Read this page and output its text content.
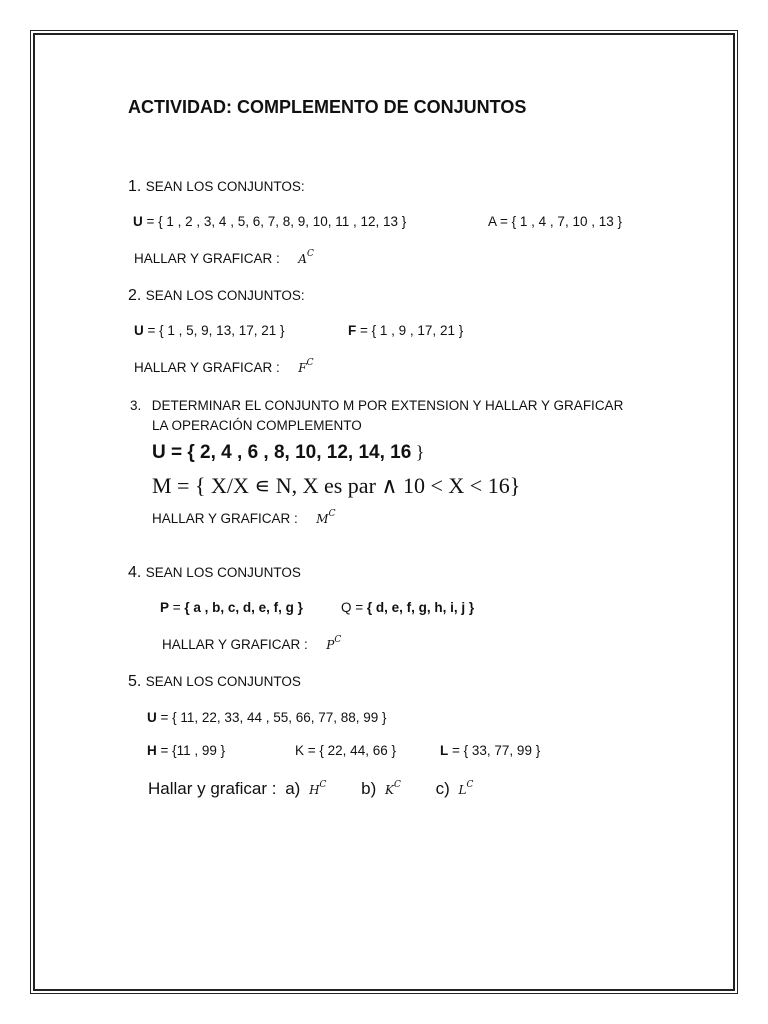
ACTIVIDAD: COMPLEMENTO DE CONJUNTOS
1. SEAN LOS CONJUNTOS:
U = { 1 , 2 , 3, 4 , 5, 6, 7, 8, 9, 10, 11 , 12, 13 }	A = { 1 , 4 , 7, 10 , 13 }
HALLAR Y GRAFICAR : $A^C$
2. SEAN LOS CONJUNTOS:
U = { 1 , 5, 9, 13, 17, 21 }	F = { 1 , 9 , 17, 21 }
HALLAR Y GRAFICAR : $F^C$
3. DETERMINAR EL CONJUNTO M POR EXTENSION Y HALLAR Y GRAFICAR
LA OPERACIÓN COMPLEMENTO
U = { 2, 4 , 6 , 8, 10, 12, 14, 16 }
M = { X/X ∊ N, X es par ∧ 10 < X < 16}
HALLAR Y GRAFICAR : $M^C$
4. SEAN LOS CONJUNTOS
P = { a , b, c, d, e, f, g }	Q = { d, e, f, g, h, i, j }
HALLAR Y GRAFICAR : $P^C$
5. SEAN LOS CONJUNTOS
U = { 11, 22, 33, 44 , 55, 66, 77, 88, 99 }
H = {11 , 99 }	K = { 22, 44, 66 }	L = { 33, 77, 99 }
Hallar y graficar : a) $H^C$ b) $K^C$ c) $L^C$
